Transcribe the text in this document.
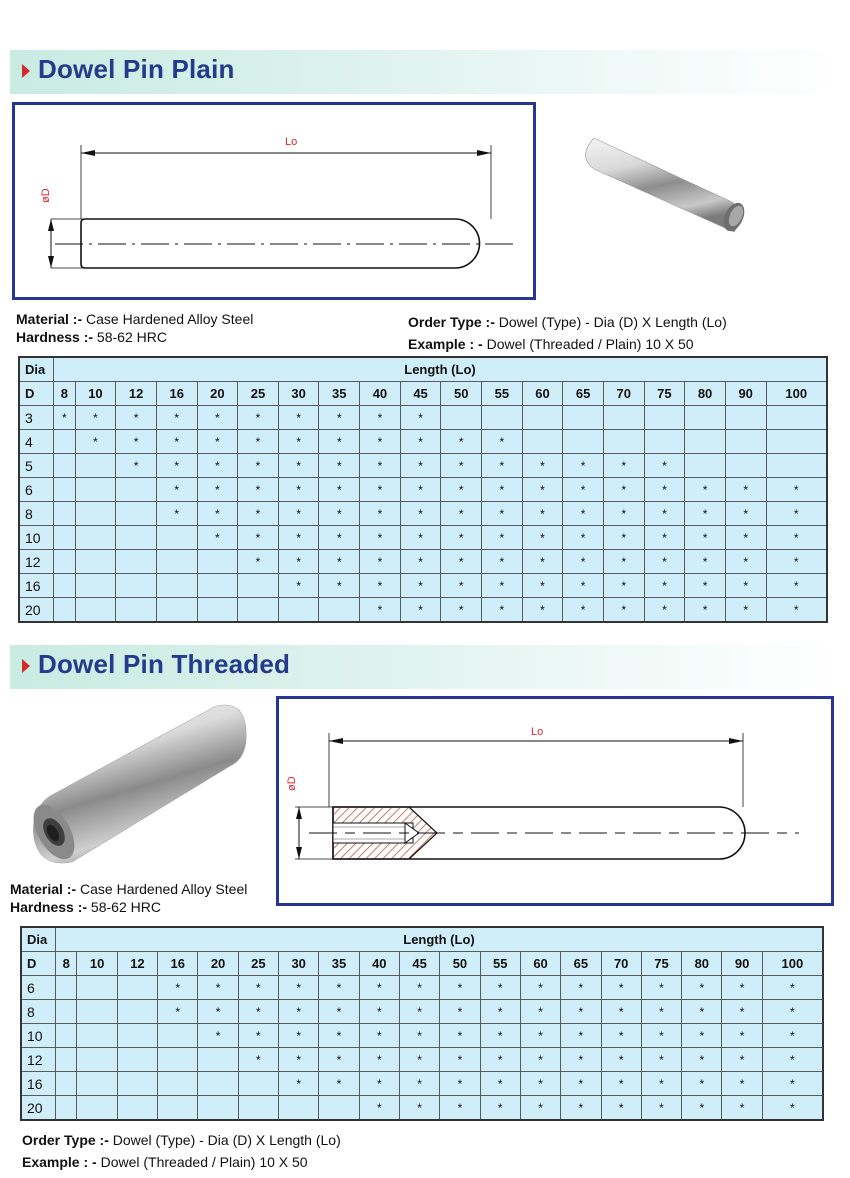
Dowel Pin Plain
Lo
øD
Material :- Case Hardened Alloy Steel
Hardness :- 58-62 HRC
Order Type :- Dowel (Type) - Dia (D) X Length (Lo)
Example : - Dowel (Threaded / Plain) 10 X 50
Dia	Length (Lo)																		
D	8	10	12	16	20	25	30	35	40	45	50	55	60	65	70	75	80	90	100
3	*	*	*	*	*	*	*	*	*	*									
4		*	*	*	*	*	*	*	*	*	*	*							
5			*	*	*	*	*	*	*	*	*	*	*	*	*	*			
6				*	*	*	*	*	*	*	*	*	*	*	*	*	*	*	*
8				*	*	*	*	*	*	*	*	*	*	*	*	*	*	*	*
10					*	*	*	*	*	*	*	*	*	*	*	*	*	*	*
12						*	*	*	*	*	*	*	*	*	*	*	*	*	*
16							*	*	*	*	*	*	*	*	*	*	*	*	*
20									*	*	*	*	*	*	*	*	*	*	*
Dowel Pin Threaded
Lo
øD
Material :- Case Hardened Alloy Steel
Hardness :- 58-62 HRC
Dia	Length (Lo)																		
D	8	10	12	16	20	25	30	35	40	45	50	55	60	65	70	75	80	90	100
6				*	*	*	*	*	*	*	*	*	*	*	*	*	*	*	*
8				*	*	*	*	*	*	*	*	*	*	*	*	*	*	*	*
10					*	*	*	*	*	*	*	*	*	*	*	*	*	*	*
12						*	*	*	*	*	*	*	*	*	*	*	*	*	*
16							*	*	*	*	*	*	*	*	*	*	*	*	*
20									*	*	*	*	*	*	*	*	*	*	*
Order Type :- Dowel (Type) - Dia (D) X Length (Lo)
Example : - Dowel (Threaded / Plain) 10 X 50
